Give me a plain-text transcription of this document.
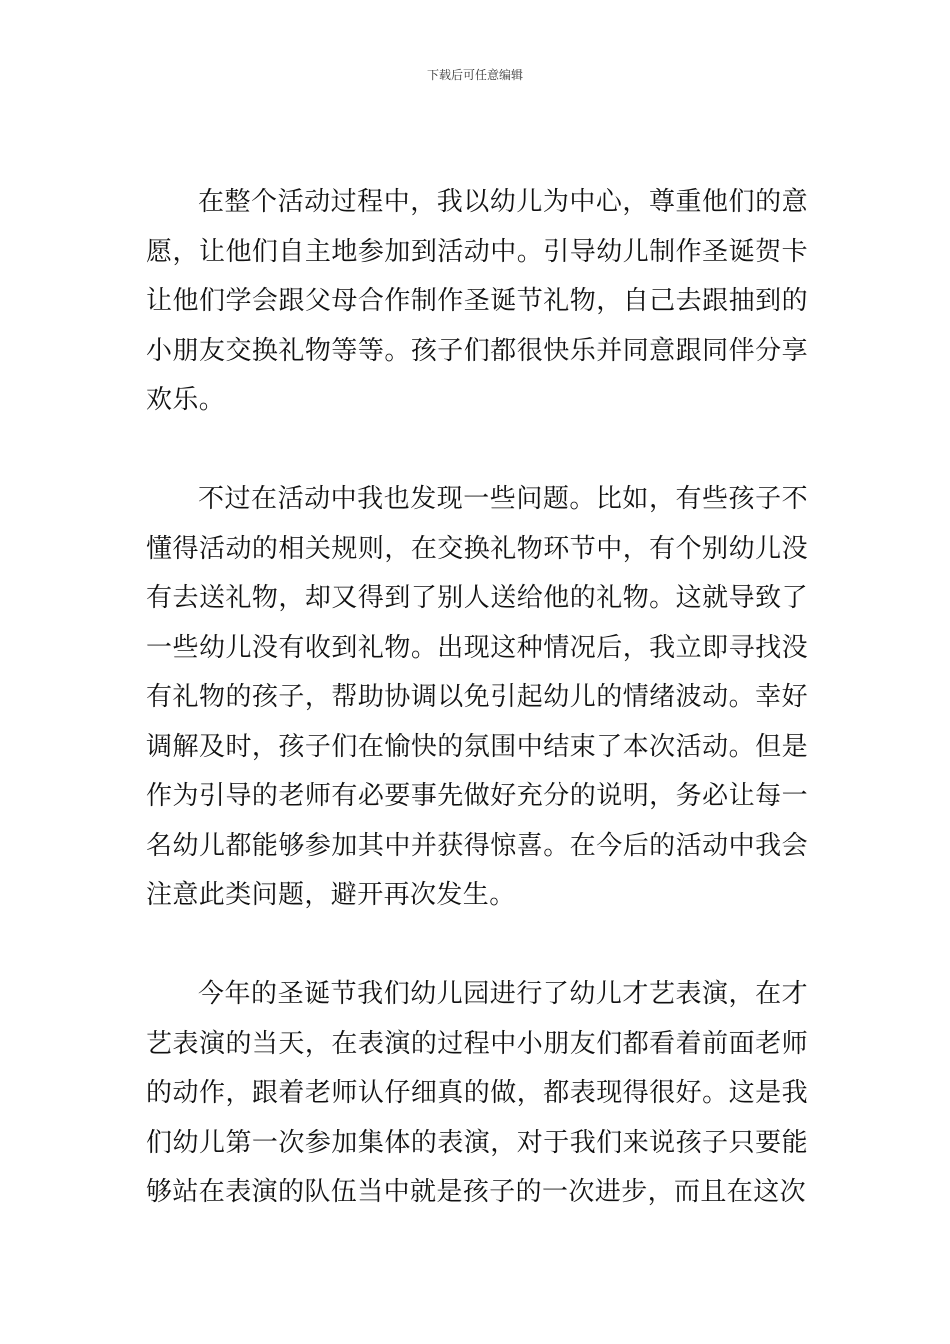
下载后可任意编辑

在整个活动过程中，我以幼儿为中心，尊重他们的意愿，让他们自主地参加到活动中。引导幼儿制作圣诞贺卡让他们学会跟父母合作制作圣诞节礼物，自己去跟抽到的小朋友交换礼物等等。孩子们都很快乐并同意跟同伴分享欢乐。

不过在活动中我也发现一些问题。比如，有些孩子不懂得活动的相关规则，在交换礼物环节中，有个别幼儿没有去送礼物，却又得到了别人送给他的礼物。这就导致了一些幼儿没有收到礼物。出现这种情况后，我立即寻找没有礼物的孩子，帮助协调以免引起幼儿的情绪波动。幸好调解及时，孩子们在愉快的氛围中结束了本次活动。但是作为引导的老师有必要事先做好充分的说明，务必让每一名幼儿都能够参加其中并获得惊喜。在今后的活动中我会注意此类问题，避开再次发生。

今年的圣诞节我们幼儿园进行了幼儿才艺表演，在才艺表演的当天，在表演的过程中小朋友们都看着前面老师的动作，跟着老师认仔细真的做，都表现得很好。这是我们幼儿第一次参加集体的表演，对于我们来说孩子只要能够站在表演的队伍当中就是孩子的一次进步，而且在这次
